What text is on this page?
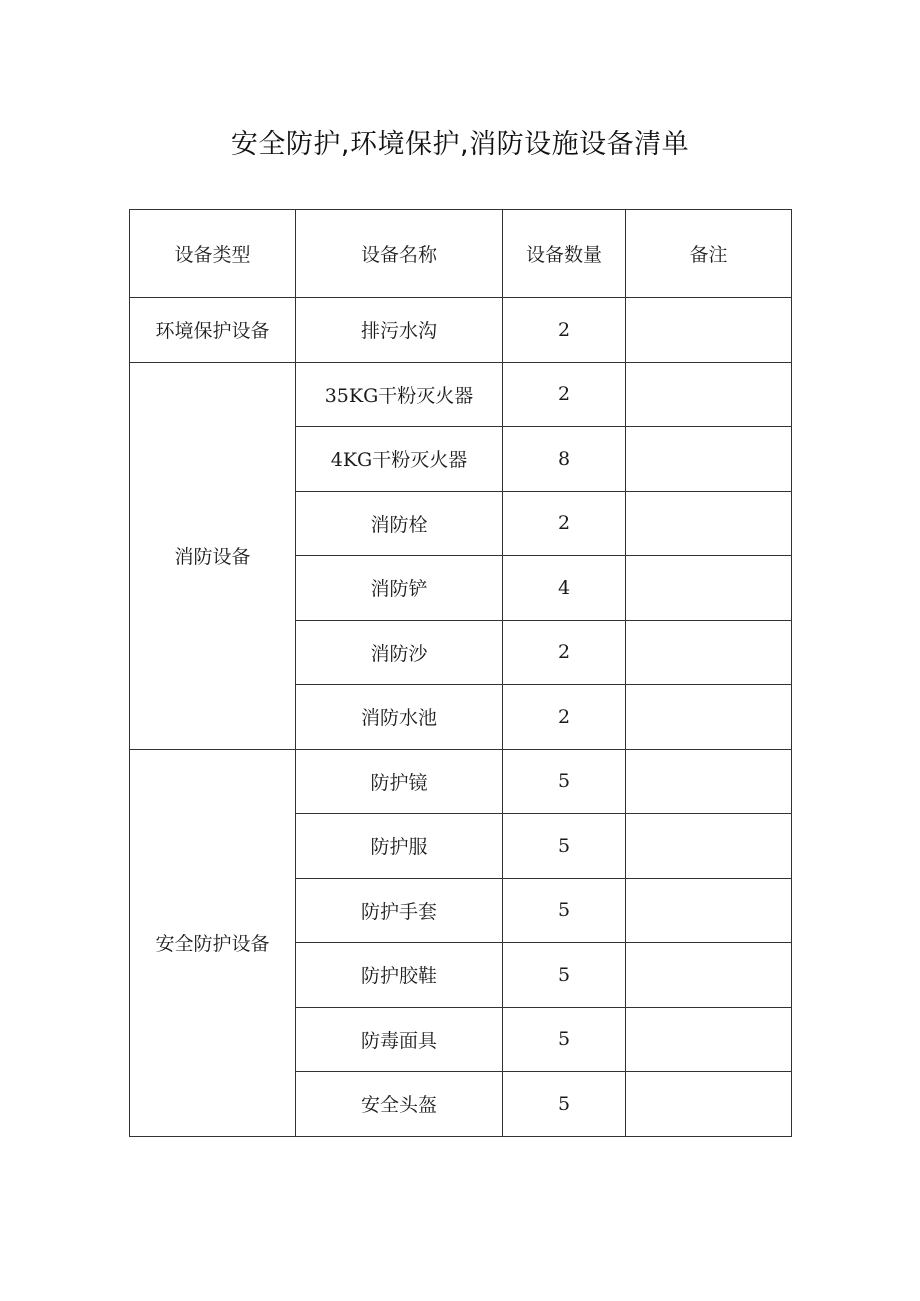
安全防护,环境保护,消防设施设备清单
设备类型	设备名称	设备数量	备注
环境保护设备	排污水沟	2	
消防设备	35KG干粉灭火器	2	
	4KG干粉灭火器	8	
	消防栓	2	
	消防铲	4	
	消防沙	2	
	消防水池	2	
安全防护设备	防护镜	5	
	防护服	5	
	防护手套	5	
	防护胶鞋	5	
	防毒面具	5	
	安全头盔	5	
